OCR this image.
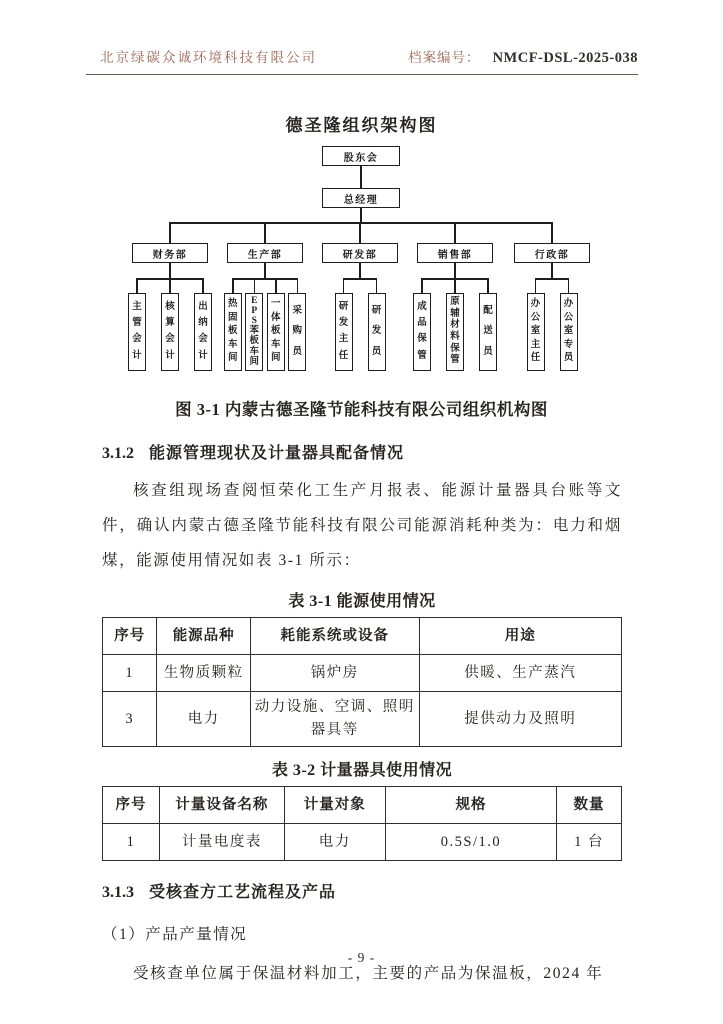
北京绿碳众诚环境科技有限公司	档案编号： NMCF-DSL-2025-038
德圣隆组织架构图
股东会
总经理
财务部
主
管
会
计
核
算
会
计
出
纳
会
计
生产部
热
固
板
车
间
E
P
S
苯
板
车
间
一
体
板
车
间
采
购
员
研发部
研
发
主
任
研
发
员
销售部
成
品
保
管
原
辅
材
料
保
管
配
送
员
行政部
办
公
室
主
任
办
公
室
专
员
图 3-1 内蒙古德圣隆节能科技有限公司组织机构图
3.1.2 能源管理现状及计量器具配备情况

核查组现场查阅恒荣化工生产月报表、能源计量器具台账等文件，确认内蒙古德圣隆节能科技有限公司能源消耗种类为：电力和烟煤，能源使用情况如表 3-1 所示：

表 3-1 能源使用情况
序号	能源品种	耗能系统或设备	用途
1	生物质颗粒	锅炉房	供暖、生产蒸汽
3	电力	动力设施、空调、照明器具等	提供动力及照明
表 3-2 计量器具使用情况
序号	计量设备名称	计量对象	规格	数量
1	计量电度表	电力	0.5S/1.0	1 台
3.1.3 受核查方工艺流程及产品
（1）产品产量情况

受核查单位属于保温材料加工，主要的产品为保温板，2024 年

- 9 -
